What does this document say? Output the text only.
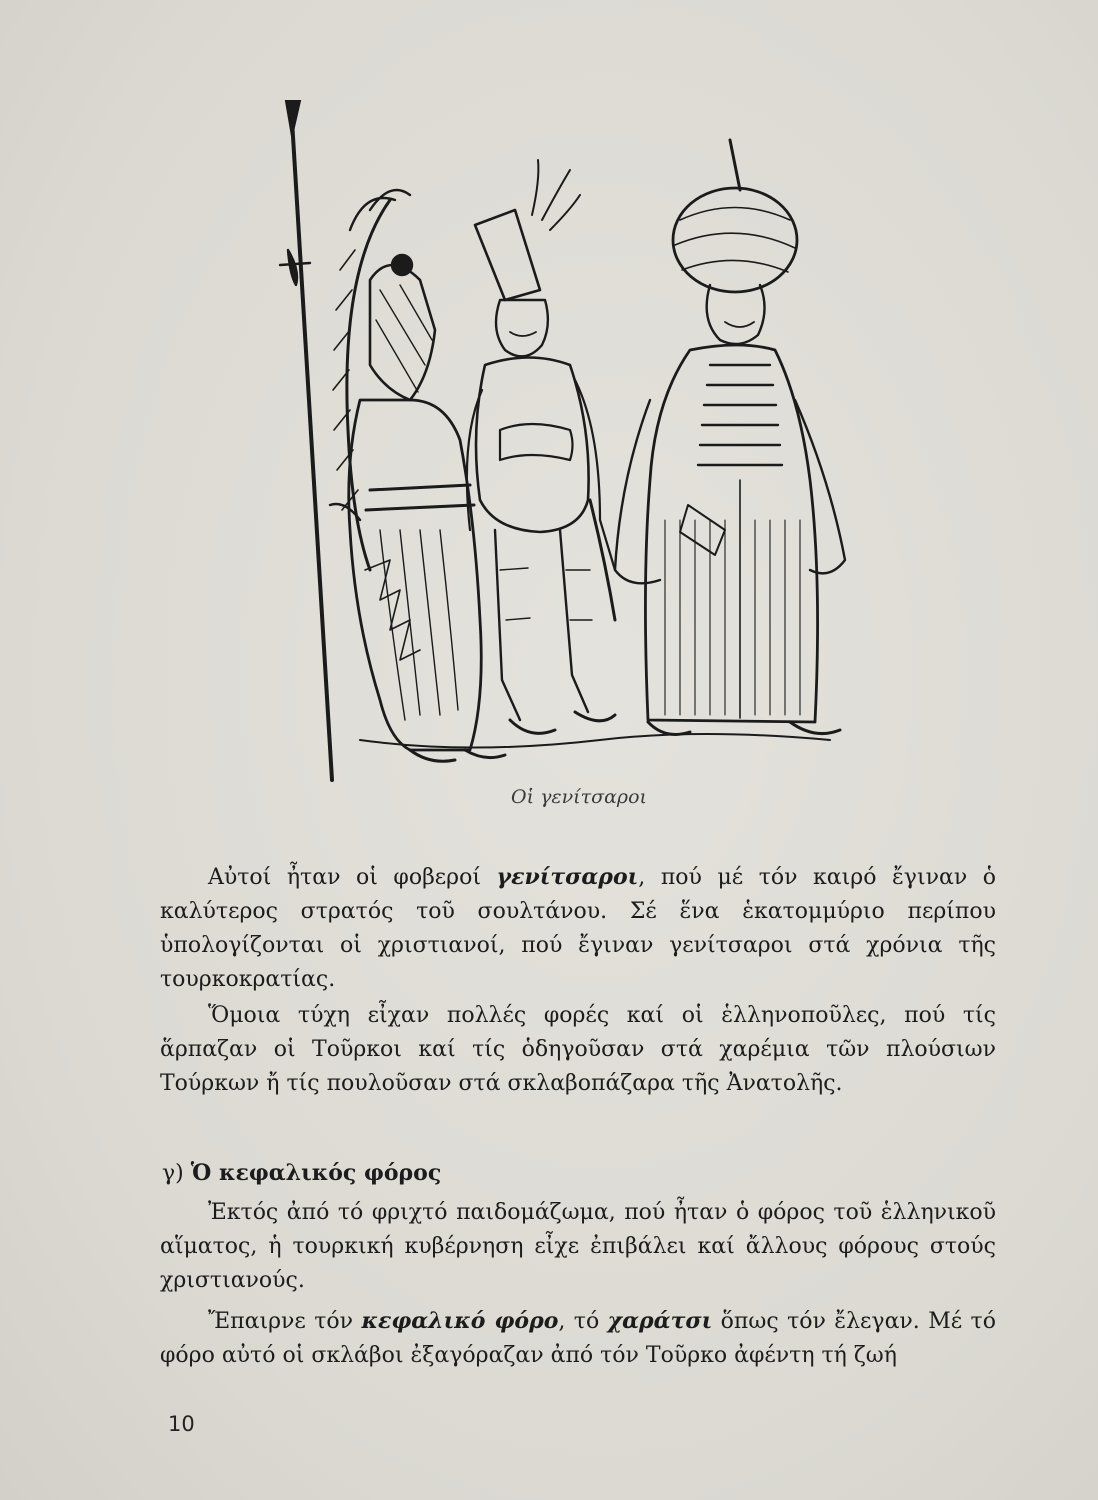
Οἱ γενίτσαροι

Αὐτοί ἦταν οἱ φοβεροί γενίτσαροι, πού μέ τόν καιρό ἔγιναν ὁ καλύτερος στρατός τοῦ σουλτάνου. Σέ ἕνα ἑκατομμύριο περίπου ὑπολογίζονται οἱ χριστιανοί, πού ἔγιναν γενίτσαροι στά χρόνια τῆς τουρκοκρατίας.

Ὅμοια τύχη εἶχαν πολλές φορές καί οἱ ἑλληνοποῦλες, πού τίς ἅρπαζαν οἱ Τοῦρκοι καί τίς ὁδηγοῦσαν στά χαρέμια τῶν πλούσιων Τούρκων ἤ τίς πουλοῦσαν στά σκλαβοπάζαρα τῆς Ἀνατολῆς.

γ) Ὁ κεφαλικός φόρος

Ἐκτός ἀπό τό φριχτό παιδομάζωμα, πού ἦταν ὁ φόρος τοῦ ἑλληνικοῦ αἵματος, ἡ τουρκική κυβέρνηση εἶχε ἐπιβάλει καί ἄλλους φόρους στούς χριστιανούς.

Ἔπαιρνε τόν κεφαλικό φόρο, τό χαράτσι ὅπως τόν ἔλεγαν. Μέ τό φόρο αὐτό οἱ σκλάβοι ἐξαγόραζαν ἀπό τόν Τοῦρκο ἀφέντη τή ζωή

10
